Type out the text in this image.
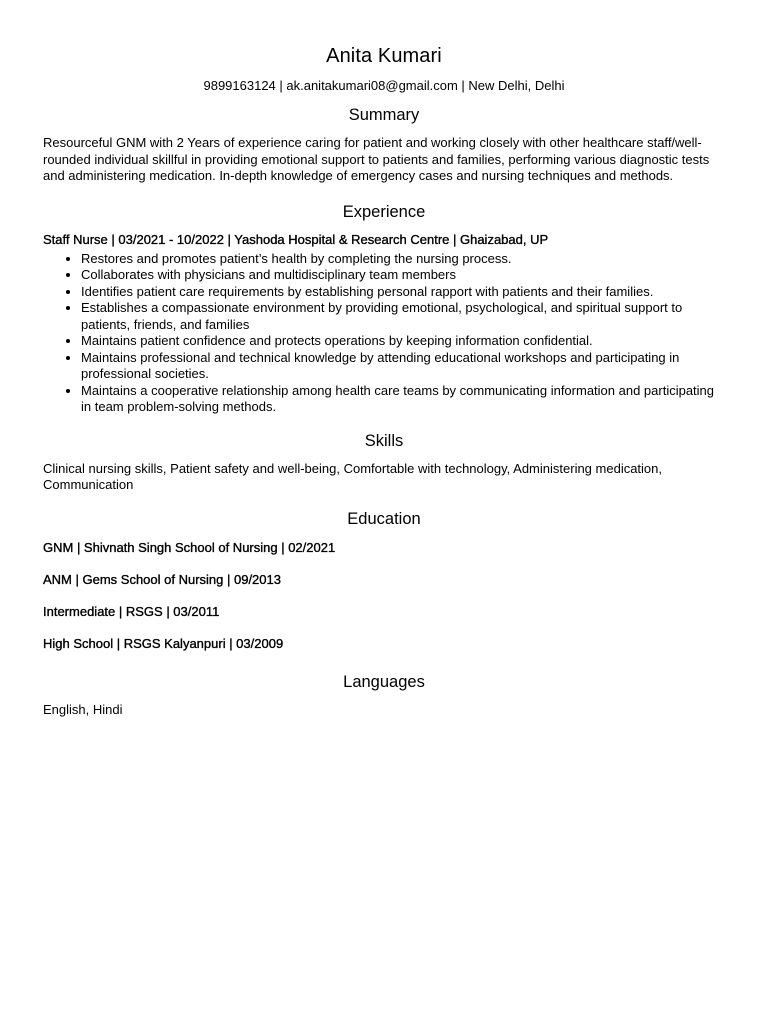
Anita Kumari
9899163124 | ak.anitakumari08@gmail.com | New Delhi, Delhi
Summary

Resourceful GNM with 2 Years of experience caring for patient and working closely with other healthcare staff/well-rounded individual skillful in providing emotional support to patients and families, performing various diagnostic tests and administering medication. In-depth knowledge of emergency cases and nursing techniques and methods.

Experience
Staff Nurse | 03/2021 - 10/2022 | Yashoda Hospital & Research Centre | Ghaizabad, UP
• Restores and promotes patient’s health by completing the nursing process.
• Collaborates with physicians and multidisciplinary team members
• Identifies patient care requirements by establishing personal rapport with patients and their families.
• Establishes a compassionate environment by providing emotional, psychological, and spiritual support to patients, friends, and families
• Maintains patient confidence and protects operations by keeping information confidential.
• Maintains professional and technical knowledge by attending educational workshops and participating in professional societies.
• Maintains a cooperative relationship among health care teams by communicating information and participating in team problem-solving methods.
Skills

Clinical nursing skills, Patient safety and well-being, Comfortable with technology, Administering medication, Communication

Education
GNM | Shivnath Singh School of Nursing | 02/2021
ANM | Gems School of Nursing | 09/2013
Intermediate | RSGS | 03/2011
High School | RSGS Kalyanpuri | 03/2009
Languages

English, Hindi
